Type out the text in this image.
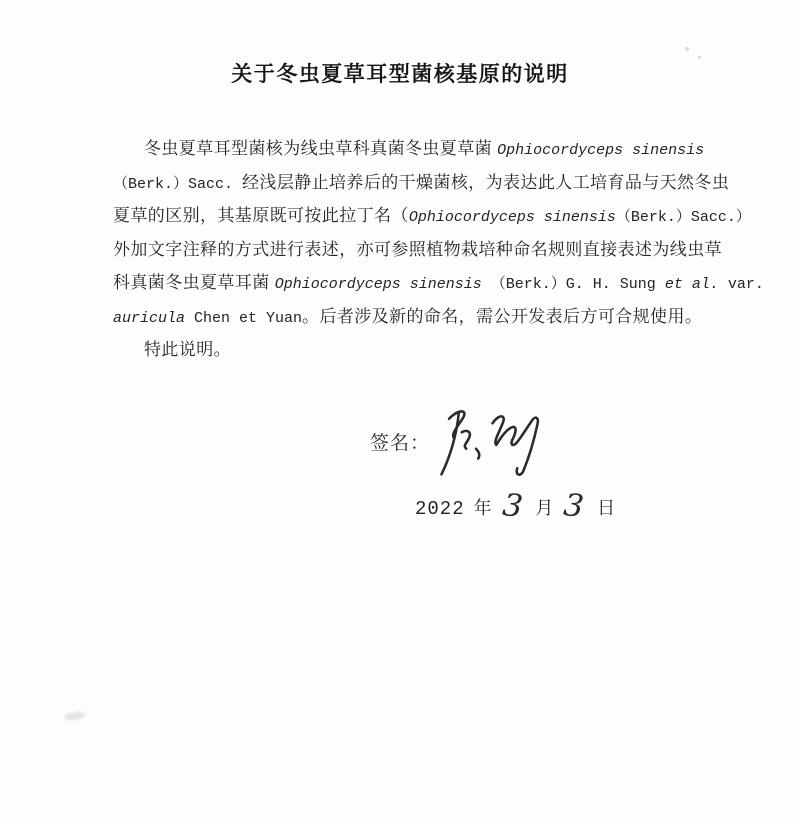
关于冬虫夏草耳型菌核基原的说明
冬虫夏草耳型菌核为线虫草科真菌冬虫夏草菌 Ophiocordyceps sinensis
（Berk.）Sacc. 经浅层静止培养后的干燥菌核，为表达此人工培育品与天然冬虫
夏草的区别，其基原既可按此拉丁名（Ophiocordyceps sinensis（Berk.）Sacc.）
外加文字注释的方式进行表述，亦可参照植物栽培种命名规则直接表述为线虫草
科真菌冬虫夏草耳菌 Ophiocordyceps sinensis （Berk.）G. H. Sung et al. var.
auricula Chen et Yuan。后者涉及新的命名，需公开发表后方可合规使用。
特此说明。
签名：
2022 年 3 月 3 日
